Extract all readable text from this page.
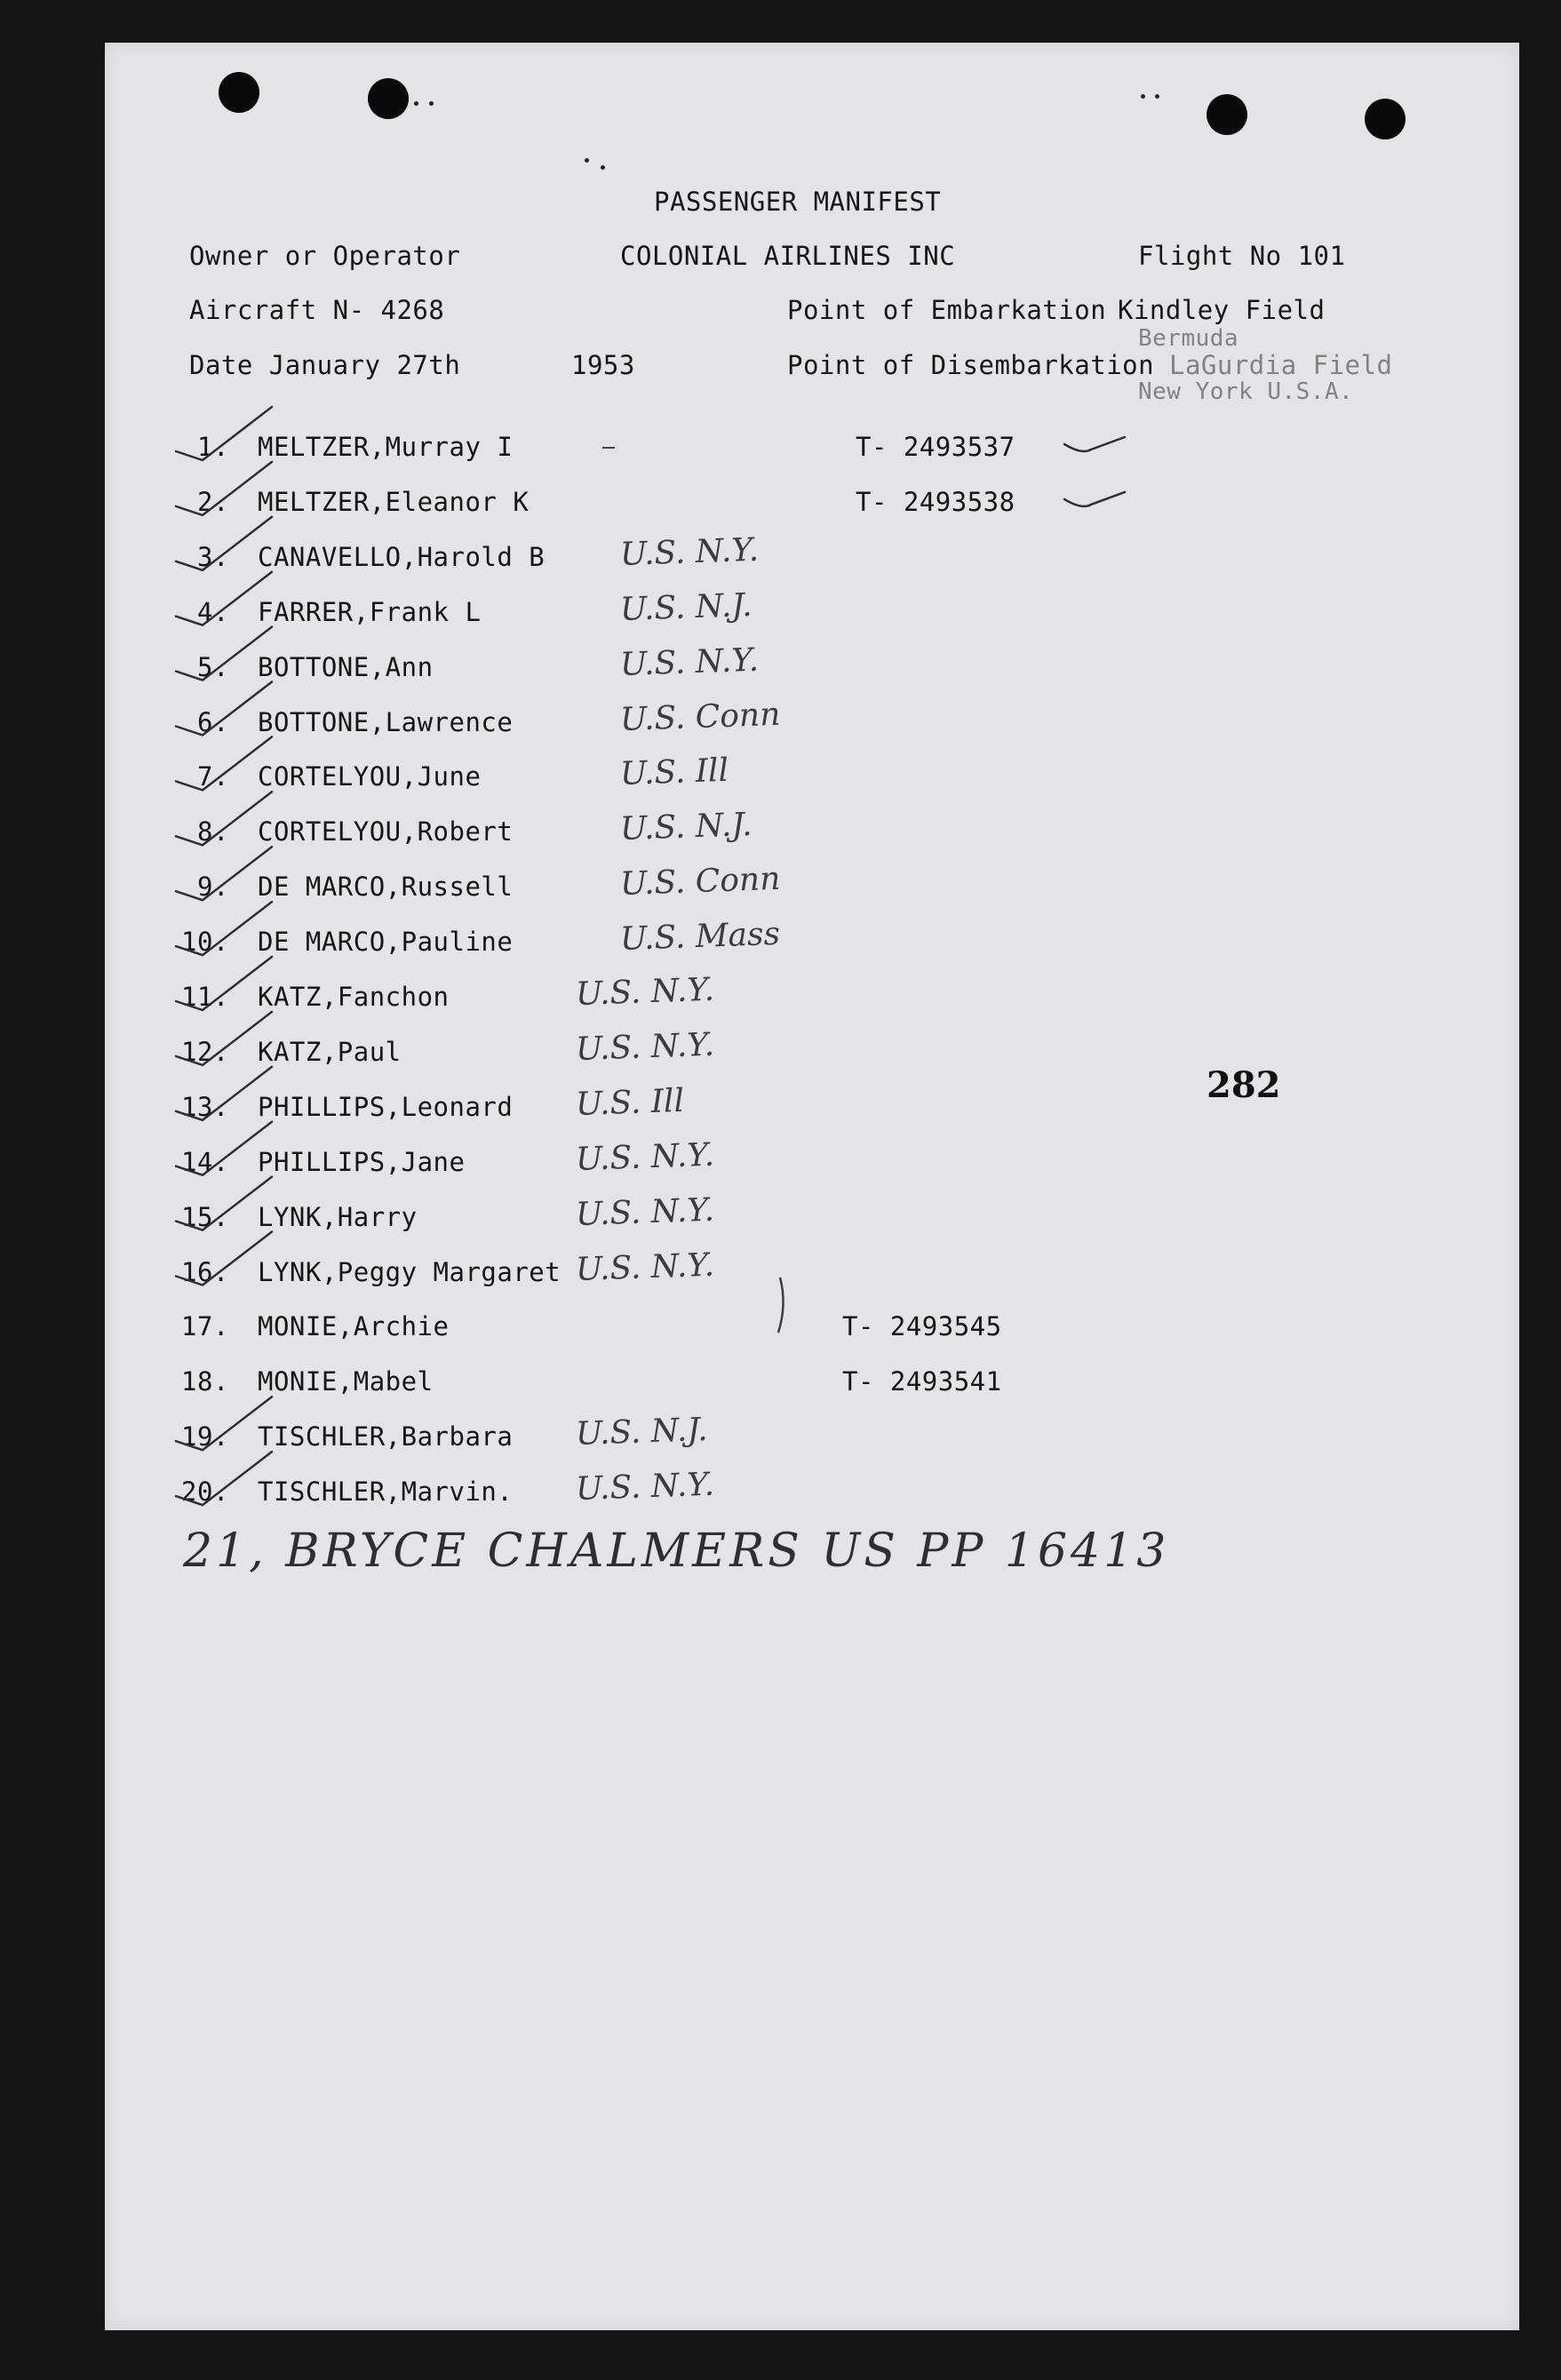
PASSENGER MANIFEST
Owner or Operator	COLONIAL AIRLINES INC	Flight No 101
Aircraft N- 4268	Point of Embarkation Kindley Field
Bermuda
Date January 27th	1953	Point of Disembarkation LaGurdia Field
New York U.S.A.
282
1. MELTZER,Murray I	T- 2493537
2. MELTZER,Eleanor K	T- 2493538
3. CANAVELLO,Harold B U.S. N.Y.
4. FARRER,Frank L	U.S. N.J.
5. BOTTONE,Ann	U.S. N.Y.
6. BOTTONE,Lawrence	U.S. Conn
7. CORTELYOU,June	U.S. Ill
8. CORTELYOU,Robert	U.S. N.J.
9. DE MARCO,Russell	U.S. Conn
10. DE MARCO,Pauline	U.S. Mass
11. KATZ,Fanchon	U.S. N.Y.
12. KATZ,Paul	U.S. N.Y.
13. PHILLIPS,Leonard U.S. Ill
14. PHILLIPS,Jane	U.S. N.Y.
15. LYNK,Harry	U.S. N.Y.
16. LYNK,Peggy Margaret U.S. N.Y.
17. MONIE,Archie	T- 2493545
18. MONIE,Mabel	T- 2493541
19. TISCHLER,Barbara U.S. N.J.
20. TISCHLER,Marvin. U.S. N.Y.
21, BRYCE CHALMERS US PP 16413
